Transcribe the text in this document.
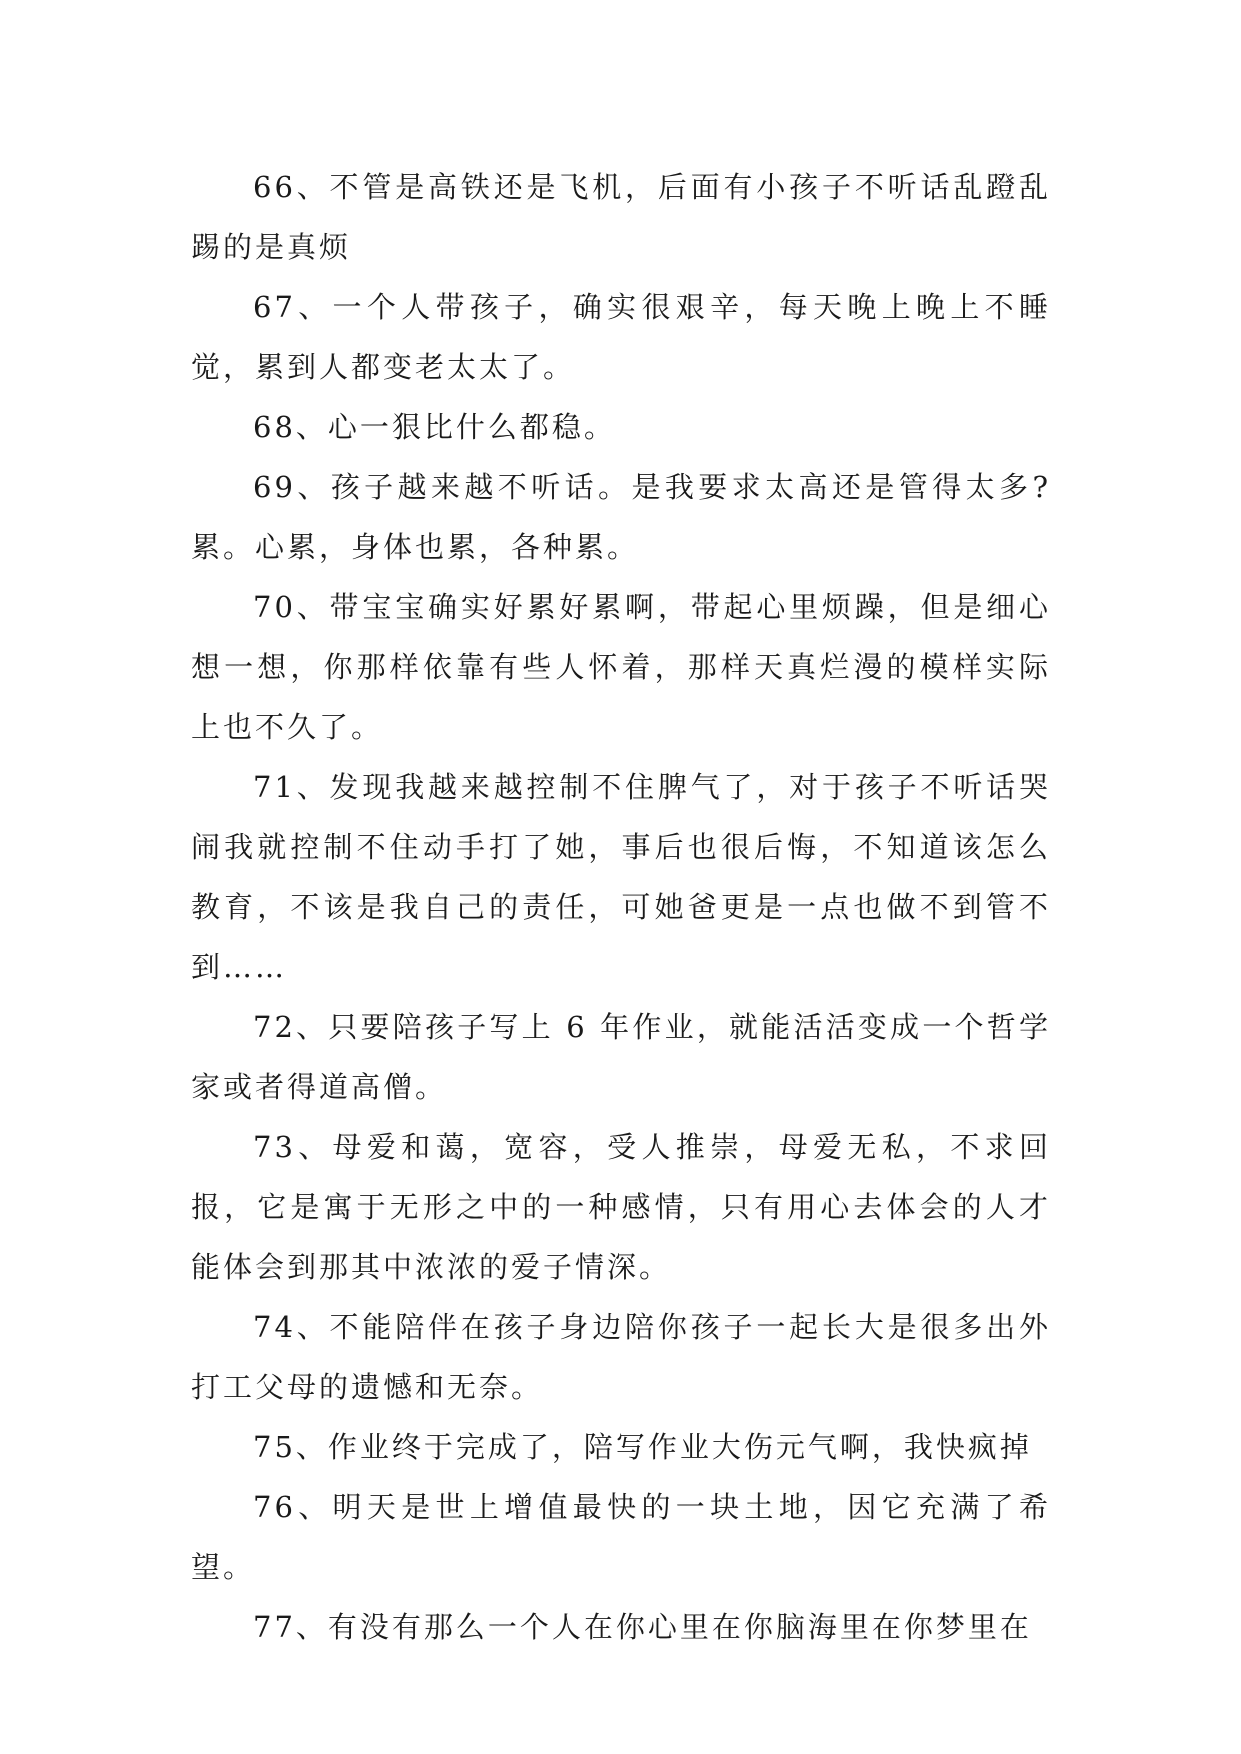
66、不管是高铁还是飞机，后面有小孩子不听话乱蹬乱踢的是真烦

67、一个人带孩子，确实很艰辛，每天晚上晚上不睡觉，累到人都变老太太了。

68、心一狠比什么都稳。

69、孩子越来越不听话。是我要求太高还是管得太多?累。心累，身体也累，各种累。

70、带宝宝确实好累好累啊，带起心里烦躁，但是细心想一想，你那样依靠有些人怀着，那样天真烂漫的模样实际上也不久了。

71、发现我越来越控制不住脾气了，对于孩子不听话哭闹我就控制不住动手打了她，事后也很后悔，不知道该怎么教育，不该是我自己的责任，可她爸更是一点也做不到管不到……

72、只要陪孩子写上 6 年作业，就能活活变成一个哲学家或者得道高僧。

73、母爱和蔼，宽容，受人推崇，母爱无私，不求回报，它是寓于无形之中的一种感情，只有用心去体会的人才能体会到那其中浓浓的爱子情深。

74、不能陪伴在孩子身边陪你孩子一起长大是很多出外打工父母的遗憾和无奈。

75、作业终于完成了，陪写作业大伤元气啊，我快疯掉

76、明天是世上增值最快的一块土地，因它充满了希望。

77、有没有那么一个人在你心里在你脑海里在你梦里在
